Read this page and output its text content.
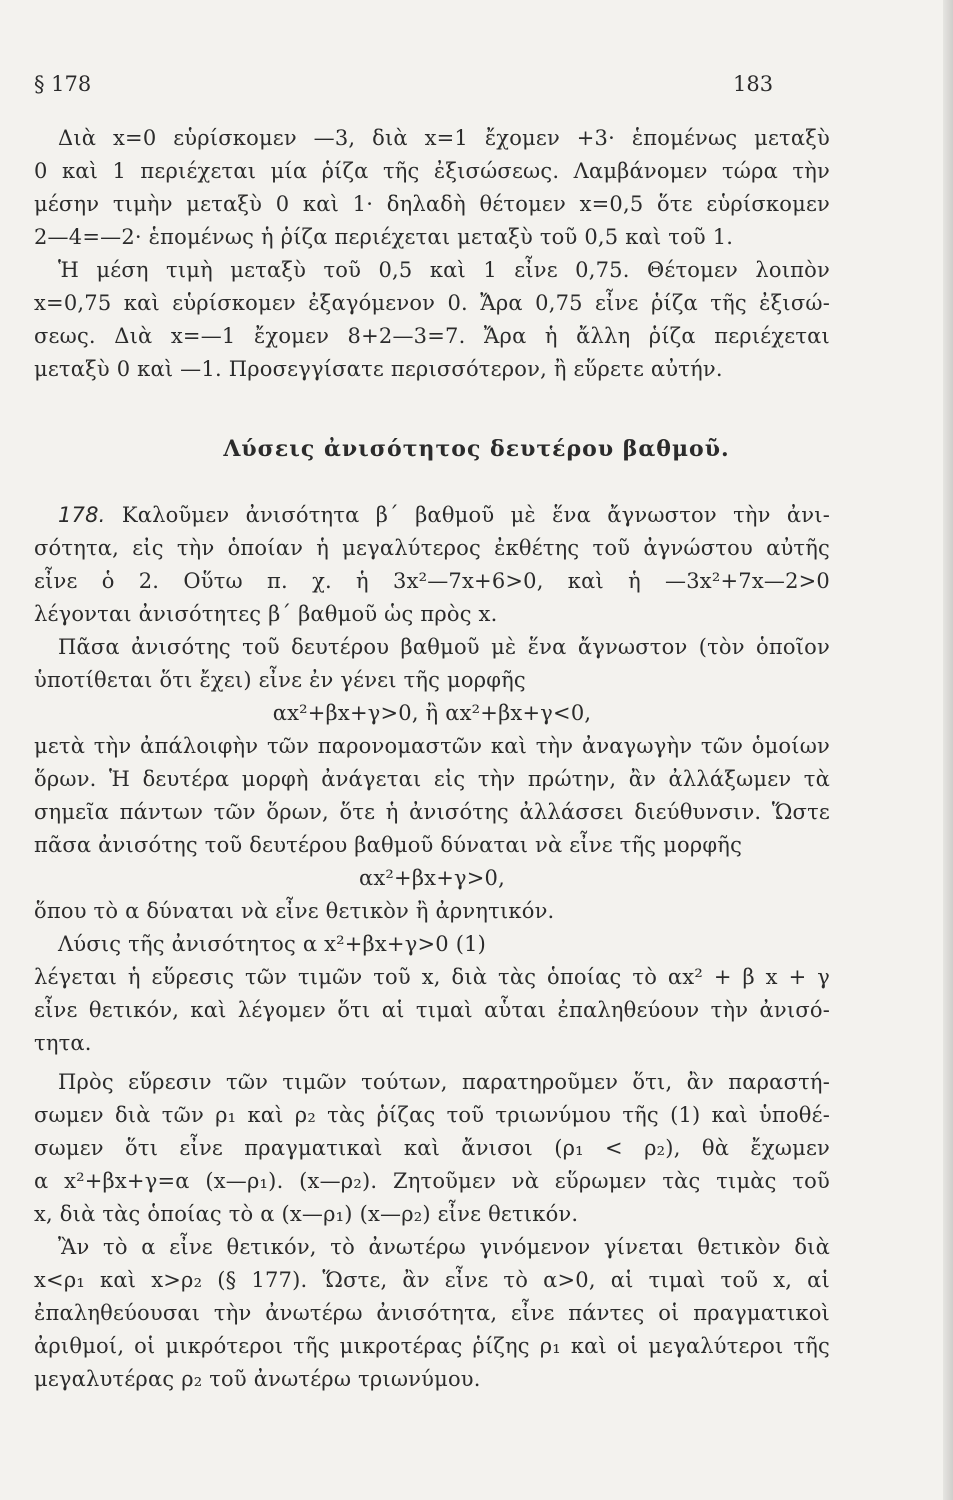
§ 178	183
Λύσεις ἀνισότητος δευτέρου βαθμοῦ.
Διὰ x=0 εὑρίσκομεν —3, διὰ x=1 ἔχομεν +3· ἑπομένως μεταξὺ
0 καὶ 1 περιέχεται μία ῥίζα τῆς ἐξισώσεως. Λαμβάνομεν τώρα τὴν
μέσην τιμὴν μεταξὺ 0 καὶ 1· δηλαδὴ θέτομεν x=0,5 ὅτε εὑρίσκομεν
2—4=—2· ἑπομένως ἡ ῥίζα περιέχεται μεταξὺ τοῦ 0,5 καὶ τοῦ 1.
Ἡ μέση τιμὴ μεταξὺ τοῦ 0,5 καὶ 1 εἶνε 0,75. Θέτομεν λοιπὸν
x=0,75 καὶ εὑρίσκομεν ἐξαγόμενον 0. Ἄρα 0,75 εἶνε ῥίζα τῆς ἐξισώ-
σεως. Διὰ x=—1 ἔχομεν 8+2—3=7. Ἄρα ἡ ἄλλη ῥίζα περιέχεται
μεταξὺ 0 καὶ —1. Προσεγγίσατε περισσότερον, ἢ εὕρετε αὐτήν.
178. Καλοῦμεν ἀνισότητα β΄ βαθμοῦ μὲ ἕνα ἄγνωστον τὴν ἀνι-
σότητα, εἰς τὴν ὁποίαν ἡ μεγαλύτερος ἐκθέτης τοῦ ἀγνώστου αὐτῆς
εἶνε ὁ 2. Οὕτω π. χ. ἡ 3x²—7x+6>0, καὶ ἡ —3x²+7x—2>0
λέγονται ἀνισότητες β΄ βαθμοῦ ὡς πρὸς x.
Πᾶσα ἀνισότης τοῦ δευτέρου βαθμοῦ μὲ ἕνα ἄγνωστον (τὸν ὁποῖον
ὑποτίθεται ὅτι ἔχει) εἶνε ἐν γένει τῆς μορφῆς
αx²+βx+γ>0, ἢ αx²+βx+γ<0,
μετὰ τὴν ἀπάλοιφὴν τῶν παρονομαστῶν καὶ τὴν ἀναγωγὴν τῶν ὁμοίων
ὅρων. Ἡ δευτέρα μορφὴ ἀνάγεται εἰς τὴν πρώτην, ἂν ἀλλάξωμεν τὰ
σημεῖα πάντων τῶν ὅρων, ὅτε ἡ ἀνισότης ἀλλάσσει διεύθυνσιν. Ὥστε
πᾶσα ἀνισότης τοῦ δευτέρου βαθμοῦ δύναται νὰ εἶνε τῆς μορφῆς
αx²+βx+γ>0,
ὅπου τὸ α δύναται νὰ εἶνε θετικὸν ἢ ἀρνητικόν.
Λύσις τῆς ἀνισότητος α x²+βx+γ>0 (1)
λέγεται ἡ εὕρεσις τῶν τιμῶν τοῦ x, διὰ τὰς ὁποίας τὸ αx² + β x + γ
εἶνε θετικόν, καὶ λέγομεν ὅτι αἱ τιμαὶ αὗται ἐπαληθεύουν τὴν ἀνισό-
τητα.
Πρὸς εὕρεσιν τῶν τιμῶν τούτων, παρατηροῦμεν ὅτι, ἂν παραστή-
σωμεν διὰ τῶν ρ₁ καὶ ρ₂ τὰς ῥίζας τοῦ τριωνύμου τῆς (1) καὶ ὑποθέ-
σωμεν ὅτι εἶνε πραγματικαὶ καὶ ἄνισοι (ρ₁ < ρ₂), θὰ ἔχωμεν
α x²+βx+γ=α (x—ρ₁). (x—ρ₂). Ζητοῦμεν νὰ εὕρωμεν τὰς τιμὰς τοῦ
x, διὰ τὰς ὁποίας τὸ α (x—ρ₁) (x—ρ₂) εἶνε θετικόν.
Ἂν τὸ α εἶνε θετικόν, τὸ ἀνωτέρω γινόμενον γίνεται θετικὸν διὰ
x<ρ₁ καὶ x>ρ₂ (§ 177). Ὥστε, ἂν εἶνε τὸ α>0, αἱ τιμαὶ τοῦ x, αἱ
ἐπαληθεύουσαι τὴν ἀνωτέρω ἀνισότητα, εἶνε πάντες οἱ πραγματικοὶ
ἀριθμοί, οἱ μικρότεροι τῆς μικροτέρας ῥίζης ρ₁ καὶ οἱ μεγαλύτεροι τῆς
μεγαλυτέρας ρ₂ τοῦ ἀνωτέρω τριωνύμου.
